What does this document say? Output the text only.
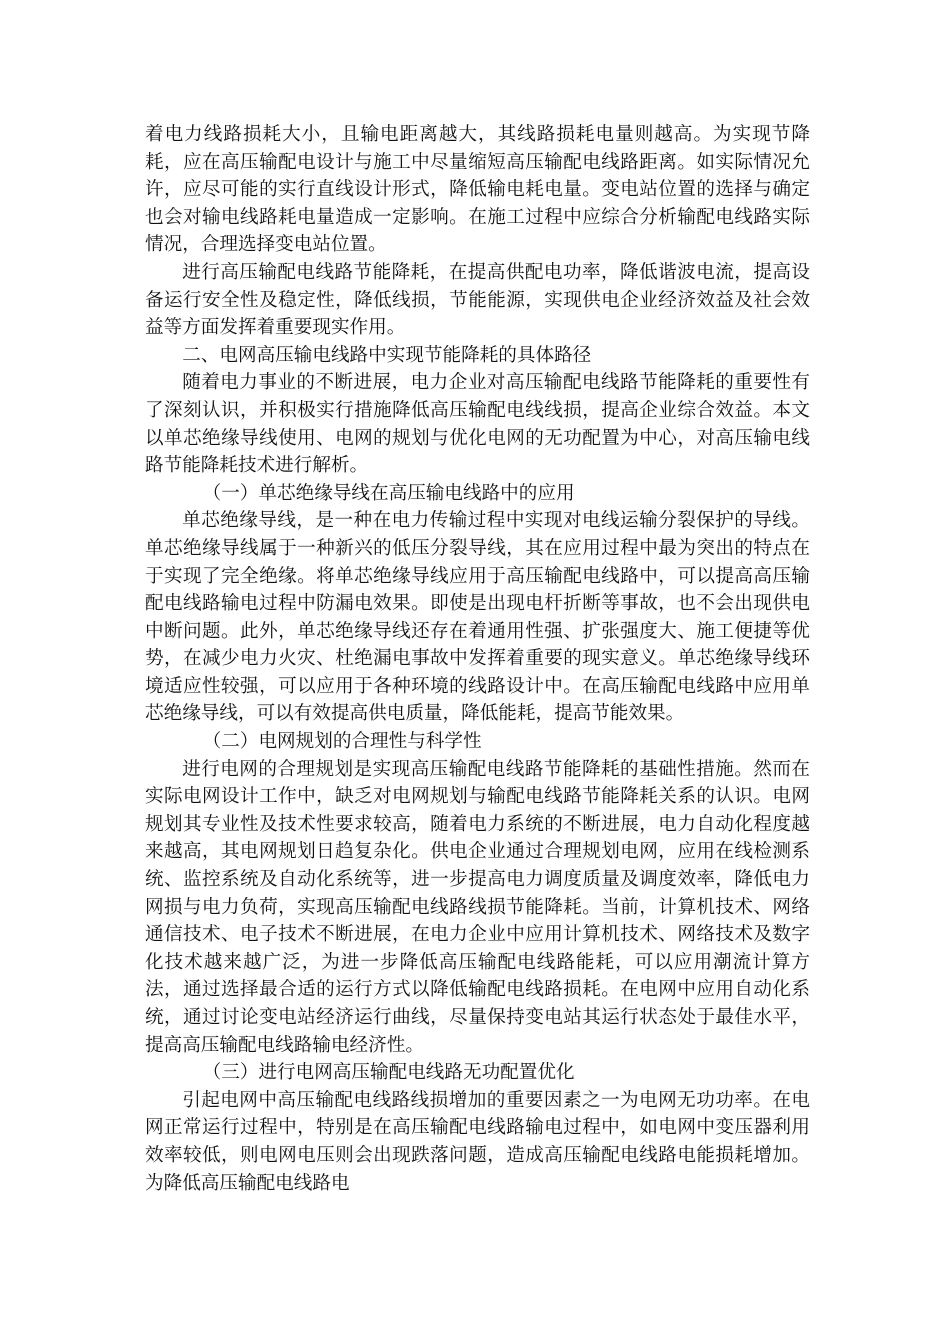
着电力线路损耗大小，且输电距离越大，其线路损耗电量则越高。为实现节降耗，应在高压输配电设计与施工中尽量缩短高压输配电线路距离。如实际情况允许，应尽可能的实行直线设计形式，降低输电耗电量。变电站位置的选择与确定也会对输电线路耗电量造成一定影响。在施工过程中应综合分析输配电线路实际情况，合理选择变电站位置。

进行高压输配电线路节能降耗，在提高供配电功率，降低谐波电流，提高设备运行安全性及稳定性，降低线损，节能能源，实现供电企业经济效益及社会效益等方面发挥着重要现实作用。

二、电网高压输电线路中实现节能降耗的具体路径

随着电力事业的不断进展，电力企业对高压输配电线路节能降耗的重要性有了深刻认识，并积极实行措施降低高压输配电线线损，提高企业综合效益。本文以单芯绝缘导线使用、电网的规划与优化电网的无功配置为中心，对高压输电线路节能降耗技术进行解析。

（一）单芯绝缘导线在高压输电线路中的应用

单芯绝缘导线，是一种在电力传输过程中实现对电线运输分裂保护的导线。单芯绝缘导线属于一种新兴的低压分裂导线，其在应用过程中最为突出的特点在于实现了完全绝缘。将单芯绝缘导线应用于高压输配电线路中，可以提高高压输配电线路输电过程中防漏电效果。即使是出现电杆折断等事故，也不会出现供电中断问题。此外，单芯绝缘导线还存在着通用性强、扩张强度大、施工便捷等优势，在减少电力火灾、杜绝漏电事故中发挥着重要的现实意义。单芯绝缘导线环境适应性较强，可以应用于各种环境的线路设计中。在高压输配电线路中应用单芯绝缘导线，可以有效提高供电质量，降低能耗，提高节能效果。

（二）电网规划的合理性与科学性

进行电网的合理规划是实现高压输配电线路节能降耗的基础性措施。然而在实际电网设计工作中，缺乏对电网规划与输配电线路节能降耗关系的认识。电网规划其专业性及技术性要求较高，随着电力系统的不断进展，电力自动化程度越来越高，其电网规划日趋复杂化。供电企业通过合理规划电网，应用在线检测系统、监控系统及自动化系统等，进一步提高电力调度质量及调度效率，降低电力网损与电力负荷，实现高压输配电线路线损节能降耗。当前，计算机技术、网络通信技术、电子技术不断进展，在电力企业中应用计算机技术、网络技术及数字化技术越来越广泛，为进一步降低高压输配电线路能耗，可以应用潮流计算方法，通过选择最合适的运行方式以降低输配电线路损耗。在电网中应用自动化系统，通过讨论变电站经济运行曲线，尽量保持变电站其运行状态处于最佳水平，提高高压输配电线路输电经济性。

（三）进行电网高压输配电线路无功配置优化

引起电网中高压输配电线路线损增加的重要因素之一为电网无功功率。在电网正常运行过程中，特别是在高压输配电线路输电过程中，如电网中变压器利用效率较低，则电网电压则会出现跌落问题，造成高压输配电线路电能损耗增加。为降低高压输配电线路电
